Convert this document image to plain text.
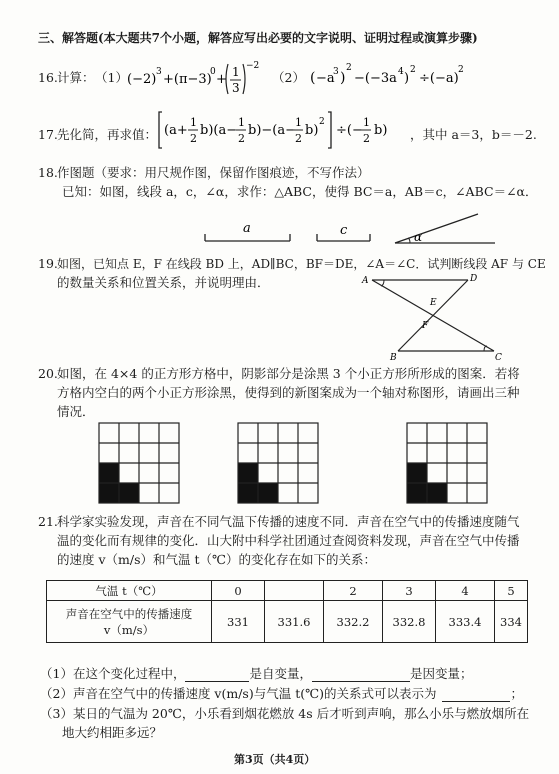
三、解答题(本大题共7个小题，解答应写出必要的文字说明、证明过程或演算步骤)
16. 计算： （1） (−2) 3 +(π−3)
0 + 1
3
−2
（2） ( −a
3 )
2
−(−3a 4 )
2
÷(−a)
2
17. 先化简，再求值： (a+
1
2
b)(a−
1
2
b)−(a−
1
2
b)
2
÷(−
1
2
b) ，其中 a＝3，b＝－2.
18. 作图题（要求：用尺规作图，保留作图痕迹，不写作法）
已知：如图，线段 a，c，∠α，求作：△ABC，使得 BC＝a，AB＝c，∠ABC＝∠α．
a	c	α
19. 如图，已知点 E，F 在线段 BD 上，AD∥BC，BF＝DE，∠A＝∠C．试判断线段 AF 与 CE
的数量关系和位置关系，并说明理由．	A	D
E
F
B	C
20. 如图，在 4×4 的正方形方格中，阴影部分是涂黑 3 个小正方形所形成的图案．若将
方格内空白的两个小正方形涂黑，使得到的新图案成为一个轴对称图形，请画出三种
情况．
21. 科学家实验发现，声音在不同气温下传播的速度不同．声音在空气中的传播速度随气
温的变化而有规律的变化．山大附中科学社团通过查阅资料发现，声音在空气中传播
的速度 v（m/s）和气温 t（℃）的变化存在如下的关系：
气温 t（℃）	0		2	3	4	5

声音在空气中的传播速度
v（m/s）	331	331.6	332.2	332.8	333.4	334
（1）在这个变化过程中，	是自变量，	是因变量；
（2）声音在空气中的传播速度 v(m/s)与气温 t(℃)的关系式可以表示为	；
（3）某日的气温为 20℃，小乐看到烟花燃放 4s 后才听到声响，那么小乐与燃放烟所在
地大约相距多远？
第3页（共4页）
